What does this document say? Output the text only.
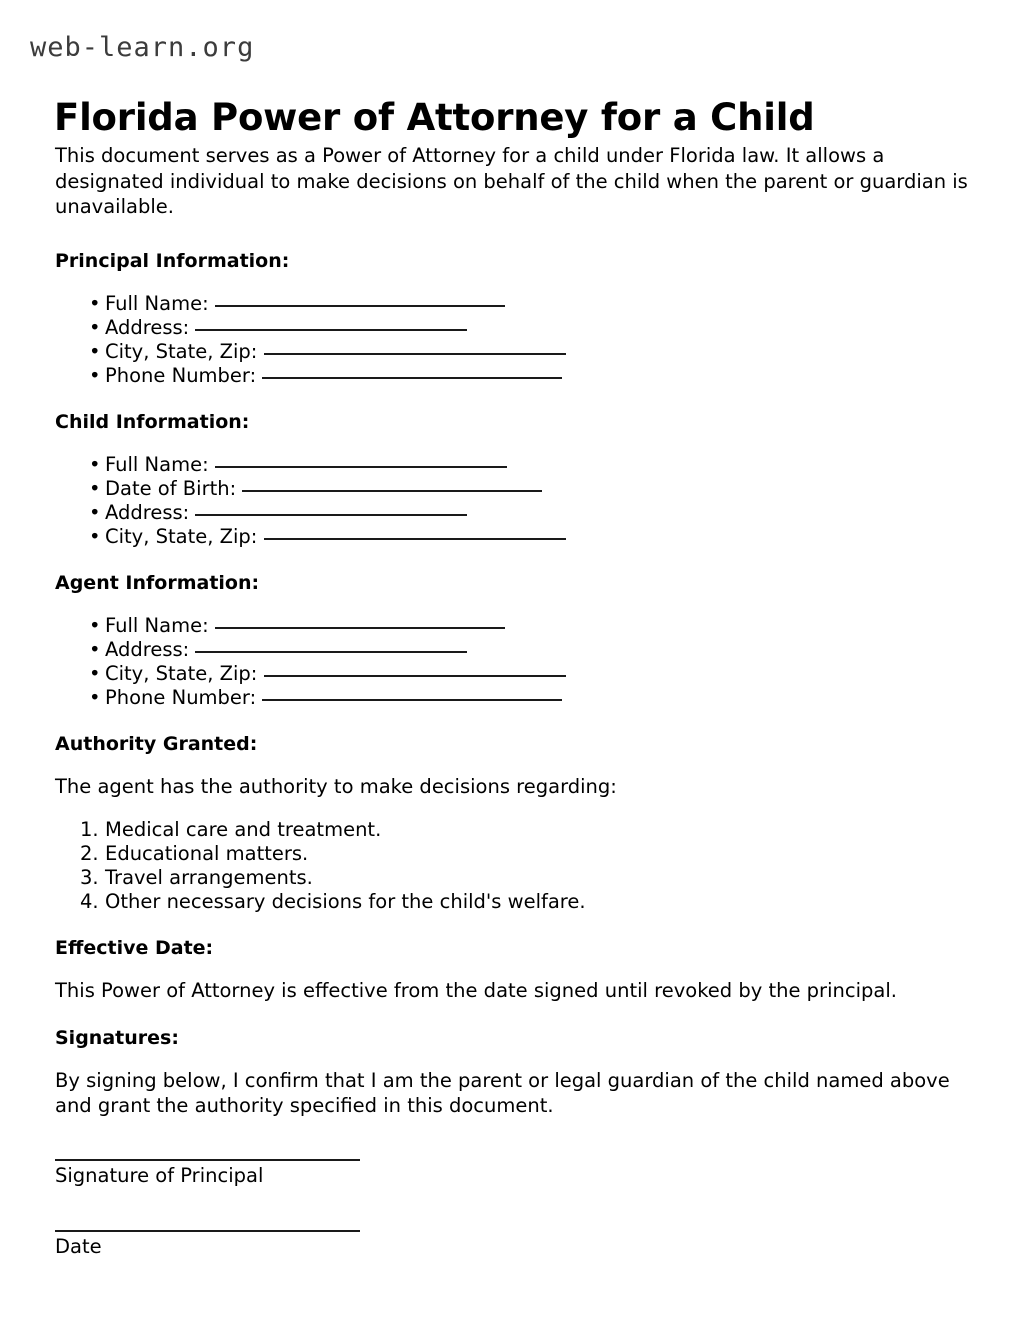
web-learn.org
Florida Power of Attorney for a Child

This document serves as a Power of Attorney for a child under Florida law. It allows a designated individual to make decisions on behalf of the child when the parent or guardian is unavailable.

Principal Information:
• Full Name:
• Address:
• City, State, Zip:
• Phone Number:
Child Information:
• Full Name:
• Date of Birth:
• Address:
• City, State, Zip:
Agent Information:
• Full Name:
• Address:
• City, State, Zip:
• Phone Number:
Authority Granted:

The agent has the authority to make decisions regarding:

Medical care and treatment.
Educational matters.
Travel arrangements.
Other necessary decisions for the child's welfare.
Effective Date:

This Power of Attorney is effective from the date signed until revoked by the principal.

Signatures:

By signing below, I confirm that I am the parent or legal guardian of the child named above and grant the authority specified in this document.

Signature of Principal
Date
